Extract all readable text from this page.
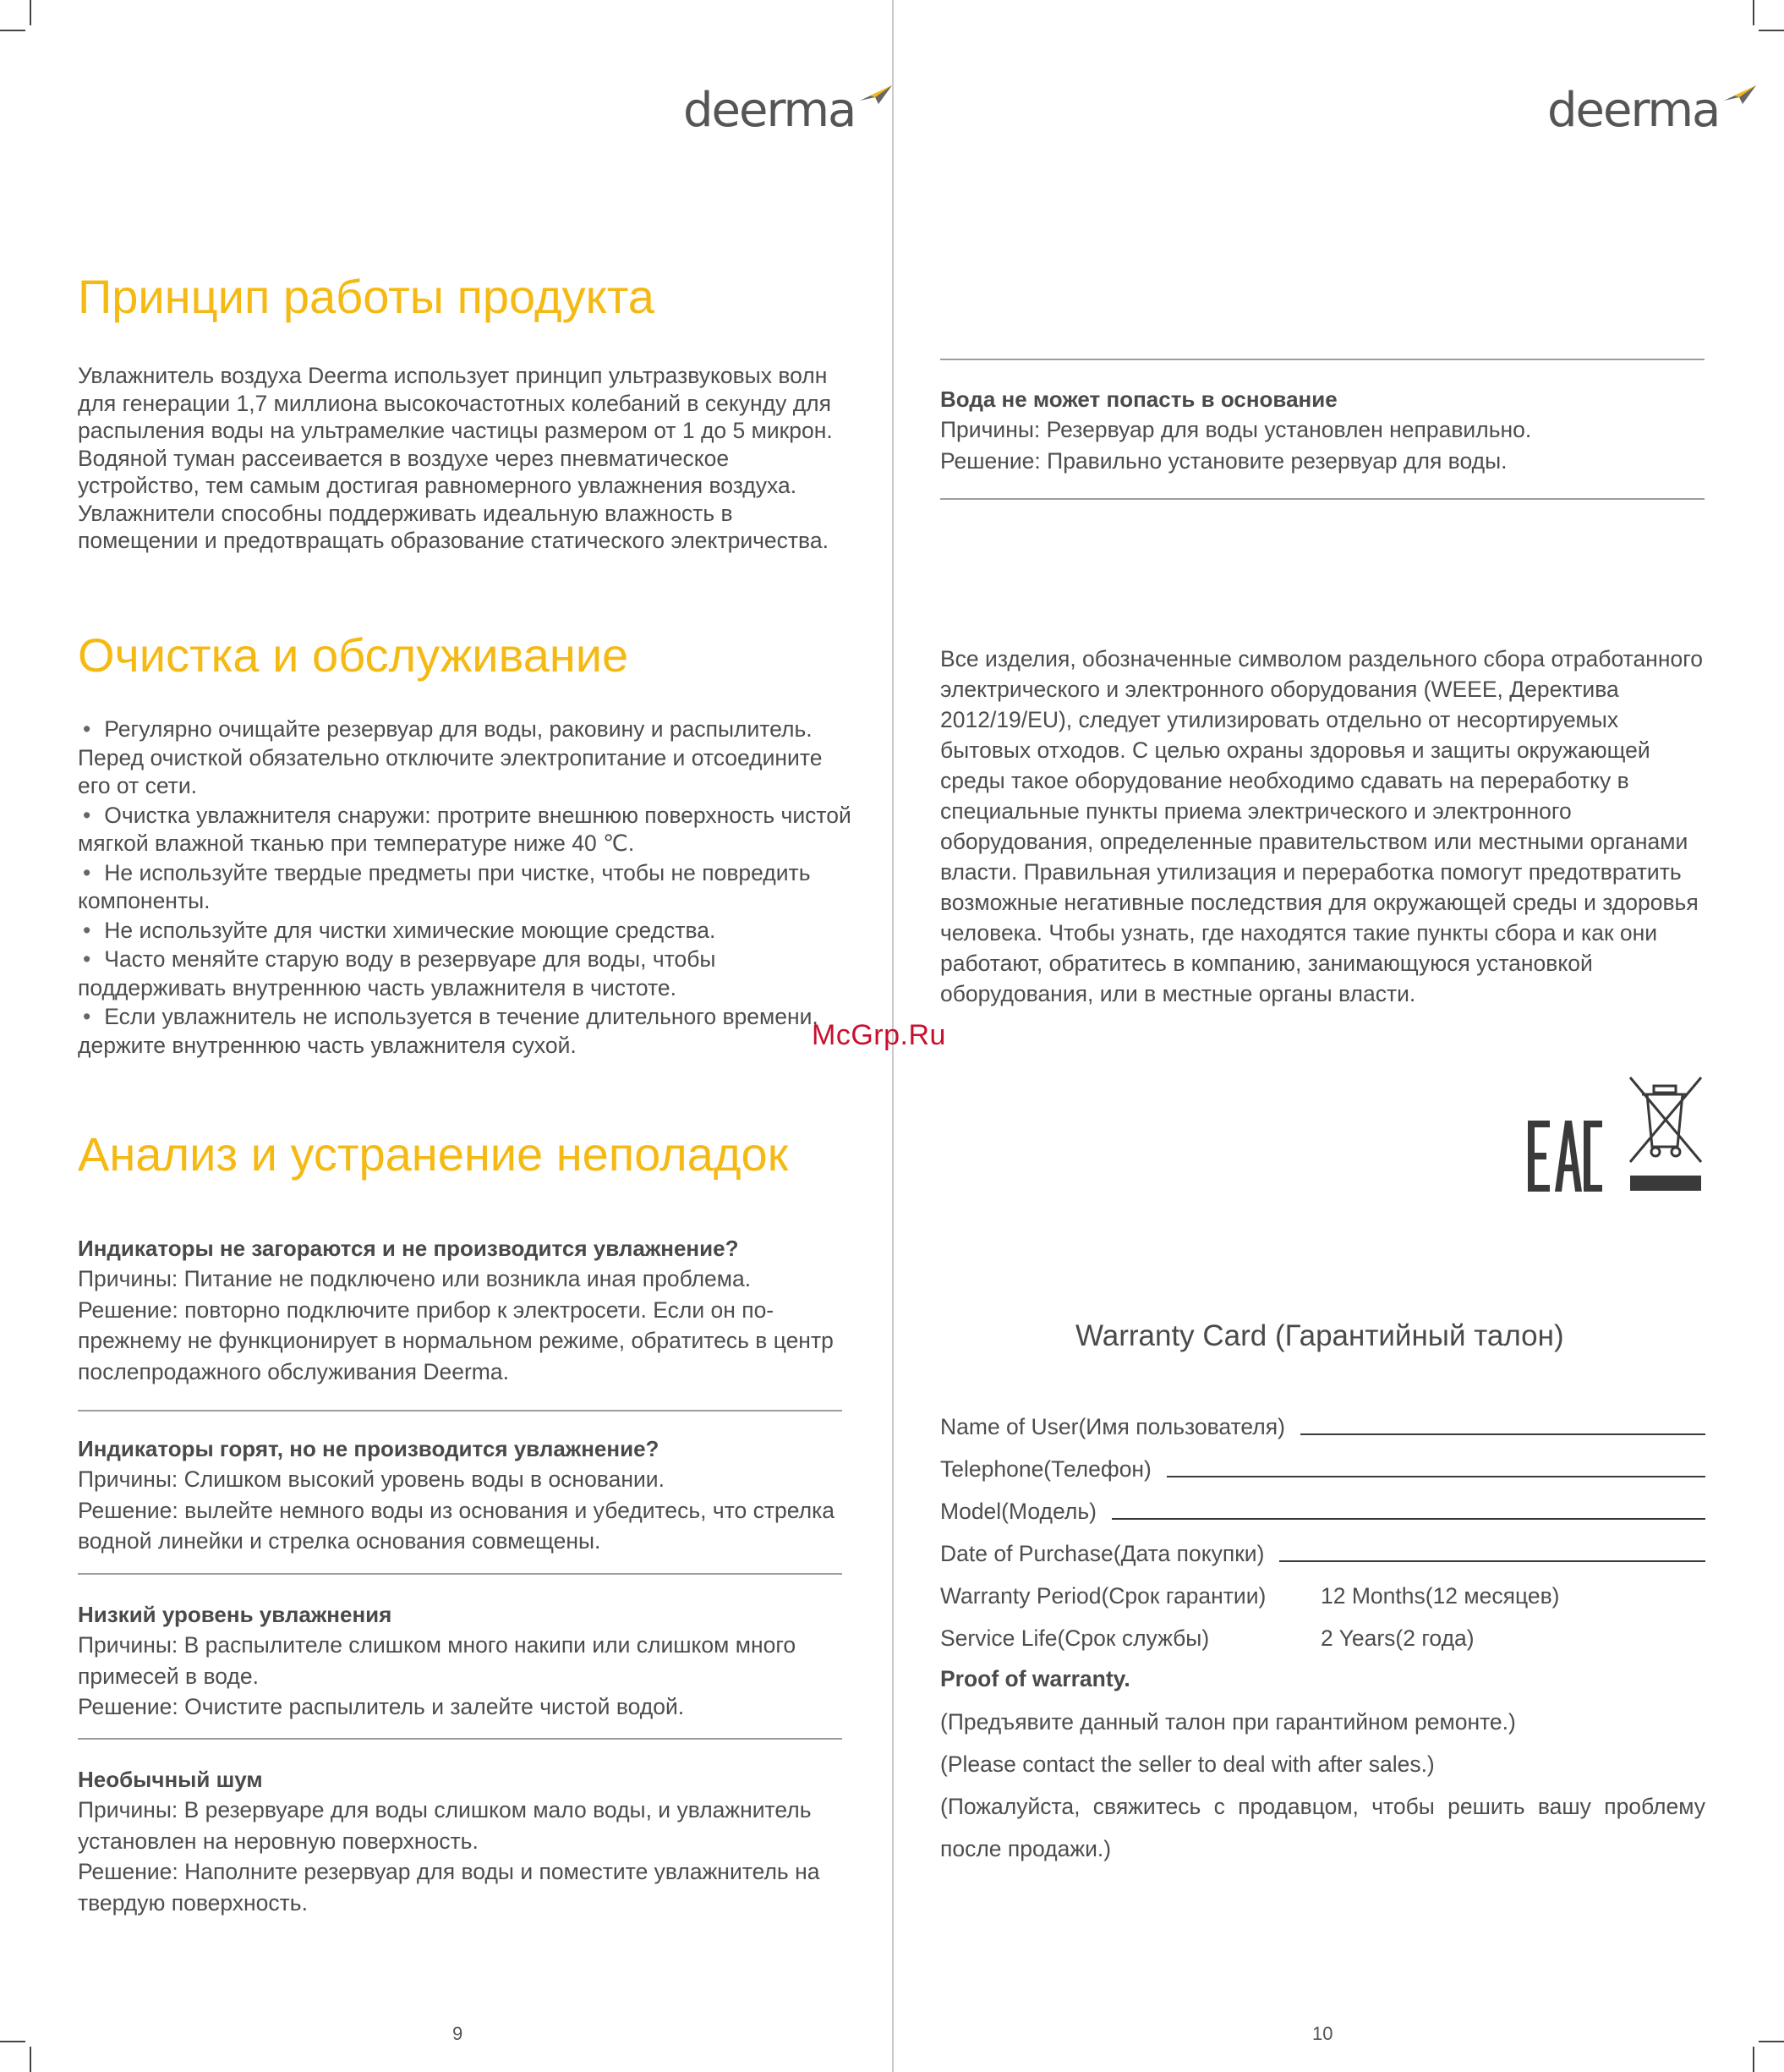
deerma
Принцип работы продукта
Увлажнитель воздуха Deerma использует принцип ультразвуковых волн для генерации 1,7 миллиона высокочастотных колебаний в секунду для распыления воды на ультрамелкие частицы размером от 1 до 5 микрон. Водяной туман рассеивается в воздухе через пневматическое устройство, тем самым достигая равномерного увлажнения воздуха. Увлажнители способны поддерживать идеальную влажность в помещении и предотвращать образование статического электричества.
Очистка и обслуживание
• Регулярно очищайте резервуар для воды, раковину и распылитель. Перед очисткой обязательно отключите электропитание и отсоедините его от сети.
• Очистка увлажнителя снаружи: протрите внешнюю поверхность чистой мягкой влажной тканью при температуре ниже 40 ℃.
• Не используйте твердые предметы при чистке, чтобы не повредить компоненты.
• Не используйте для чистки химические моющие средства.
• Часто меняйте старую воду в резервуаре для воды, чтобы поддерживать внутреннюю часть увлажнителя в чистоте.
• Если увлажнитель не используется в течение длительного времени, держите внутреннюю часть увлажнителя сухой.
Анализ и устранение неполадок
Индикаторы не загораются и не производится увлажнение?
Причины: Питание не подключено или возникла иная проблема.
Решение: повторно подключите прибор к электросети. Если он по-прежнему не функционирует в нормальном режиме, обратитесь в центр послепродажного обслуживания Deerma.
Индикаторы горят, но не производится увлажнение?
Причины: Слишком высокий уровень воды в основании.
Решение: вылейте немного воды из основания и убедитесь, что стрелка водной линейки и стрелка основания совмещены.
Низкий уровень увлажнения
Причины: В распылителе слишком много накипи или слишком много примесей в воде.
Решение: Очистите распылитель и залейте чистой водой.
Необычный шум
Причины: В резервуаре для воды слишком мало воды, и увлажнитель установлен на неровную поверхность.
Решение: Наполните резервуар для воды и поместите увлажнитель на твердую поверхность.
9
deerma
Вода не может попасть в основание
Причины: Резервуар для воды установлен неправильно.
Решение: Правильно установите резервуар для воды.
Все изделия, обозначенные символом раздельного сбора отработанного электрического и электронного оборудования (WEEE, Деректива 2012/19/EU), следует утилизировать отдельно от несортируемых бытовых отходов. С целью охраны здоровья и защиты окружающей среды такое оборудование необходимо сдавать на переработку в специальные пункты приема электрического и электронного оборудования, определенные правительством или местными органами власти. Правильная утилизация и переработка помогут предотвратить возможные негативные последствия для окружающей среды и здоровья человека. Чтобы узнать, где находятся такие пункты сбора и как они работают, обратитесь в компанию, занимающуюся установкой оборудования, или в местные органы власти.
Warranty Card (Гарантийный талон)
Name of User(Имя пользователя)
Telephone(Телефон)
Model(Модель)
Date of Purchase(Дата покупки)
Warranty Period(Срок гарантии) 12 Months(12 месяцев)
Service Life(Срок службы)	2 Years(2 года)
Proof of warranty.
(Предъявите данный талон при гарантийном ремонте.)
(Please contact the seller to deal with after sales.)
(Пожалуйста, свяжитесь с продавцом, чтобы решить вашу проблему после продажи.)
10
McGrp.Ru
